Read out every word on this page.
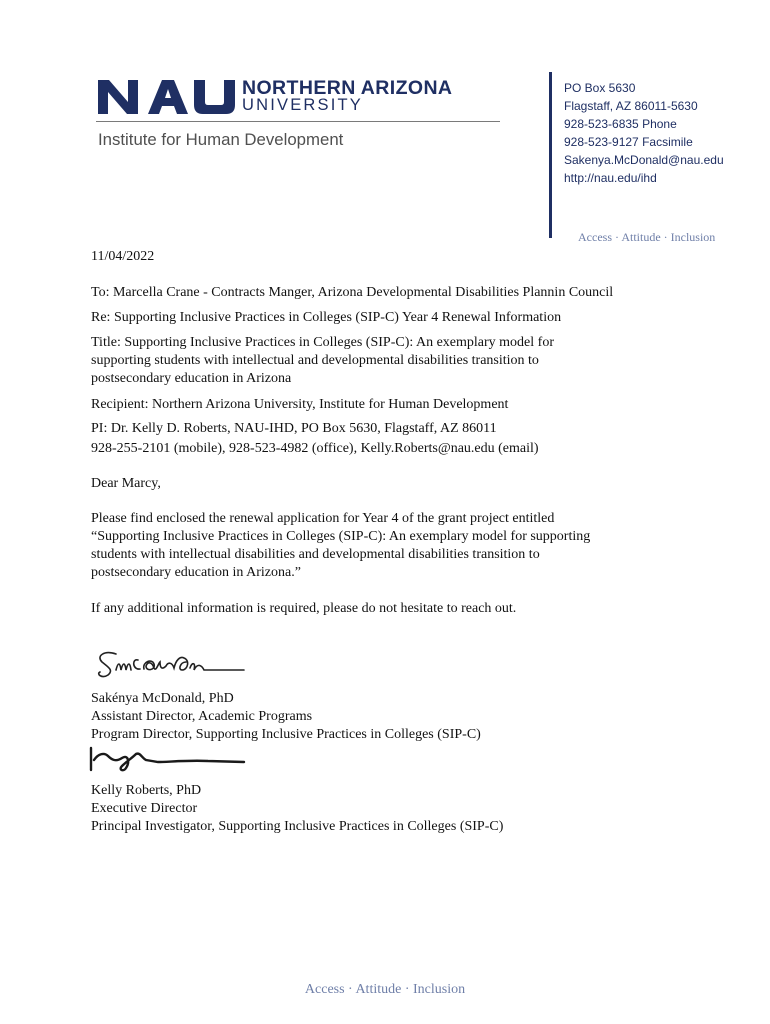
NORTHERN ARIZONA
UNIVERSITY
Institute for Human Development
PO Box 5630
Flagstaff, AZ 86011-5630
928-523-6835 Phone
928-523-9127 Facsimile
Sakenya.McDonald@nau.edu
http://nau.edu/ihd
Access · Attitude · Inclusion
11/04/2022
To: Marcella Crane - Contracts Manger, Arizona Developmental Disabilities Plannin Council
Re: Supporting Inclusive Practices in Colleges (SIP-C) Year 4 Renewal Information
Title: Supporting Inclusive Practices in Colleges (SIP-C): An exemplary model for
supporting students with intellectual and developmental disabilities transition to
postsecondary education in Arizona
Recipient: Northern Arizona University, Institute for Human Development
PI: Dr. Kelly D. Roberts, NAU-IHD, PO Box 5630, Flagstaff, AZ 86011
928-255-2101 (mobile), 928-523-4982 (office), Kelly.Roberts@nau.edu (email)
Dear Marcy,
Please find enclosed the renewal application for Year 4 of the grant project entitled
“Supporting Inclusive Practices in Colleges (SIP-C): An exemplary model for supporting
students with intellectual disabilities and developmental disabilities transition to
postsecondary education in Arizona.”
If any additional information is required, please do not hesitate to reach out.
Sakénya McDonald, PhD
Assistant Director, Academic Programs
Program Director, Supporting Inclusive Practices in Colleges (SIP-C)
Kelly Roberts, PhD
Executive Director
Principal Investigator, Supporting Inclusive Practices in Colleges (SIP-C)
Access · Attitude · Inclusion
